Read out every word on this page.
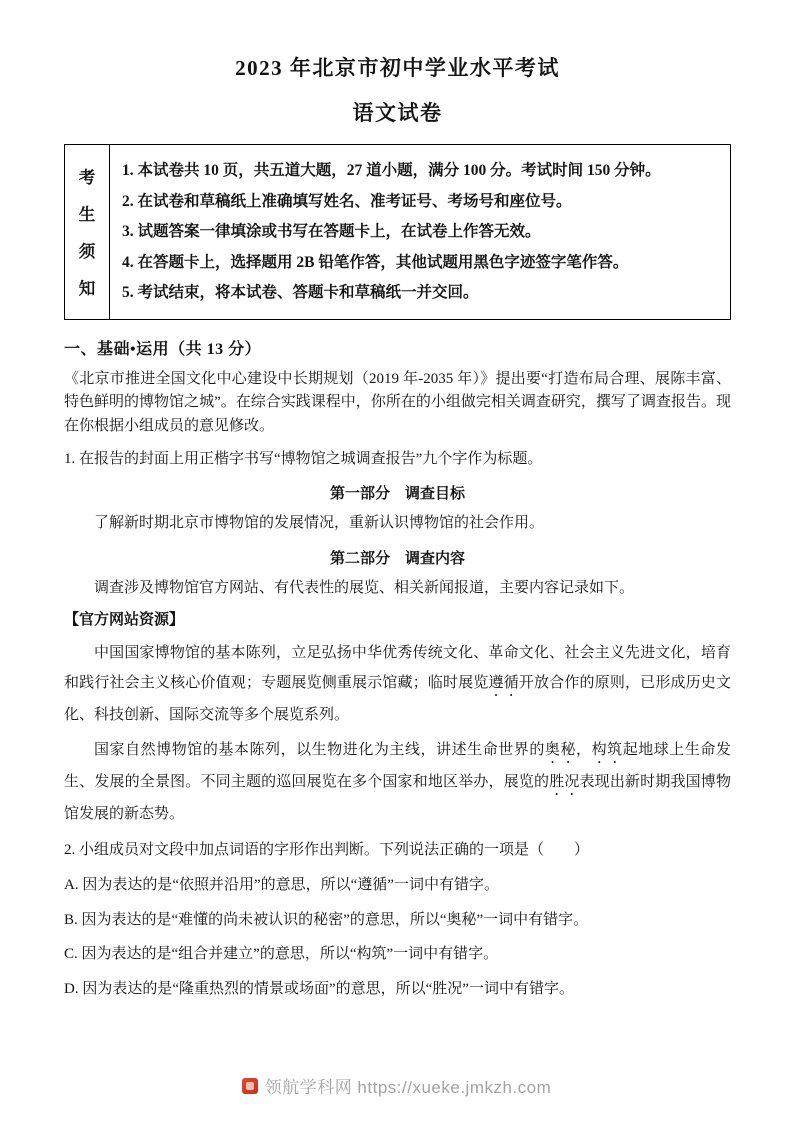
2023 年北京市初中学业水平考试
语文试卷
考
生
须
知
1. 本试卷共 10 页，共五道大题，27 道小题，满分 100 分。考试时间 150 分钟。
2. 在试卷和草稿纸上准确填写姓名、准考证号、考场号和座位号。
3. 试题答案一律填涂或书写在答题卡上，在试卷上作答无效。
4. 在答题卡上，选择题用 2B 铅笔作答，其他试题用黑色字迹签字笔作答。
5. 考试结束，将本试卷、答题卡和草稿纸一并交回。
一、基础•运用（共 13 分）

《北京市推进全国文化中心建设中长期规划（2019 年-2035 年）》提出要“打造布局合理、展陈丰富、特色鲜明的博物馆之城”。在综合实践课程中，你所在的小组做完相关调查研究，撰写了调查报告。现在你根据小组成员的意见修改。

1. 在报告的封面上用正楷字书写“博物馆之城调查报告”九个字作为标题。

第一部分　调查目标

了解新时期北京市博物馆的发展情况，重新认识博物馆的社会作用。

第二部分　调查内容

调查涉及博物馆官方网站、有代表性的展览、相关新闻报道，主要内容记录如下。

【官方网站资源】

中国国家博物馆的基本陈列，立足弘扬中华优秀传统文化、革命文化、社会主义先进文化，培育和践行社会主义核心价值观；专题展览侧重展示馆藏；临时展览遵循开放合作的原则，已形成历史文化、科技创新、国际交流等多个展览系列。

国家自然博物馆的基本陈列，以生物进化为主线，讲述生命世界的奥秘，构筑起地球上生命发生、发展的全景图。不同主题的巡回展览在多个国家和地区举办，展览的胜况表现出新时期我国博物馆发展的新态势。

2. 小组成员对文段中加点词语的字形作出判断。下列说法正确的一项是（　　）

A. 因为表达的是“依照并沿用”的意思，所以“遵循”一词中有错字。
B. 因为表达的是“难懂的尚未被认识的秘密”的意思，所以“奥秘”一词中有错字。
C. 因为表达的是“组合并建立”的意思，所以“构筑”一词中有错字。
D. 因为表达的是“隆重热烈的情景或场面”的意思，所以“胜况”一词中有错字。
领航学科网 https://xueke.jmkzh.com
